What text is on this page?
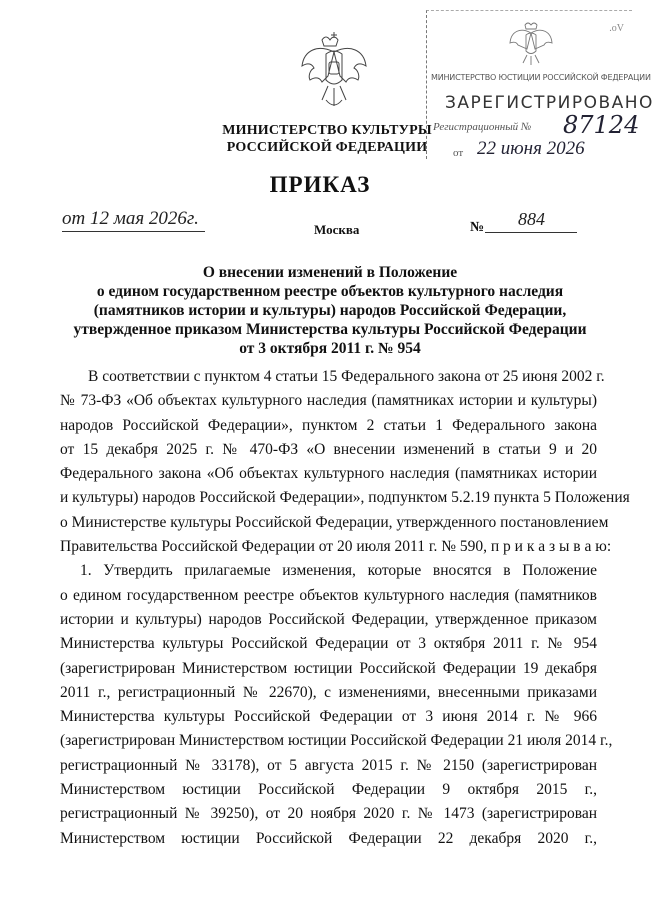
МИНИСТЕРСТВО КУЛЬТУРЫ
РОССИЙСКОЙ ФЕДЕРАЦИИ
.oV
МИНИСТЕРСТВО ЮСТИЦИИ РОССИЙСКОЙ ФЕДЕРАЦИИ
ЗАРЕГИСТРИРОВАНО
Регистрационный № 87124
от 22 июня 2026
ПРИКАЗ
от 12 мая 2026г.
Москва	№ 884
О внесении изменений в Положение
о едином государственном реестре объектов культурного наследия
(памятников истории и культуры) народов Российской Федерации,
утвержденное приказом Министерства культуры Российской Федерации
от 3 октября 2011 г. № 954
В соответствии с пунктом 4 статьи 15 Федерального закона от 25 июня 2002 г.
№ 73-ФЗ «Об объектах культурного наследия (памятниках истории и культуры)
народов Российской Федерации», пунктом 2 статьи 1 Федерального закона
от 15 декабря 2025 г. № 470-ФЗ «О внесении изменений в статьи 9 и 20
Федерального закона «Об объектах культурного наследия (памятниках истории
и культуры) народов Российской Федерации», подпунктом 5.2.19 пункта 5 Положения
о Министерстве культуры Российской Федерации, утвержденного постановлением
Правительства Российской Федерации от 20 июля 2011 г. № 590, п р и к а з ы в а ю:
1. Утвердить прилагаемые изменения, которые вносятся в Положение
о едином государственном реестре объектов культурного наследия (памятников
истории и культуры) народов Российской Федерации, утвержденное приказом
Министерства культуры Российской Федерации от 3 октября 2011 г. № 954
(зарегистрирован Министерством юстиции Российской Федерации 19 декабря
2011 г., регистрационный № 22670), с изменениями, внесенными приказами
Министерства культуры Российской Федерации от 3 июня 2014 г. № 966
(зарегистрирован Министерством юстиции Российской Федерации 21 июля 2014 г.,
регистрационный № 33178), от 5 августа 2015 г. № 2150 (зарегистрирован
Министерством юстиции Российской Федерации 9 октября 2015 г.,
регистрационный № 39250), от 20 ноября 2020 г. № 1473 (зарегистрирован
Министерством юстиции Российской Федерации 22 декабря 2020 г.,
